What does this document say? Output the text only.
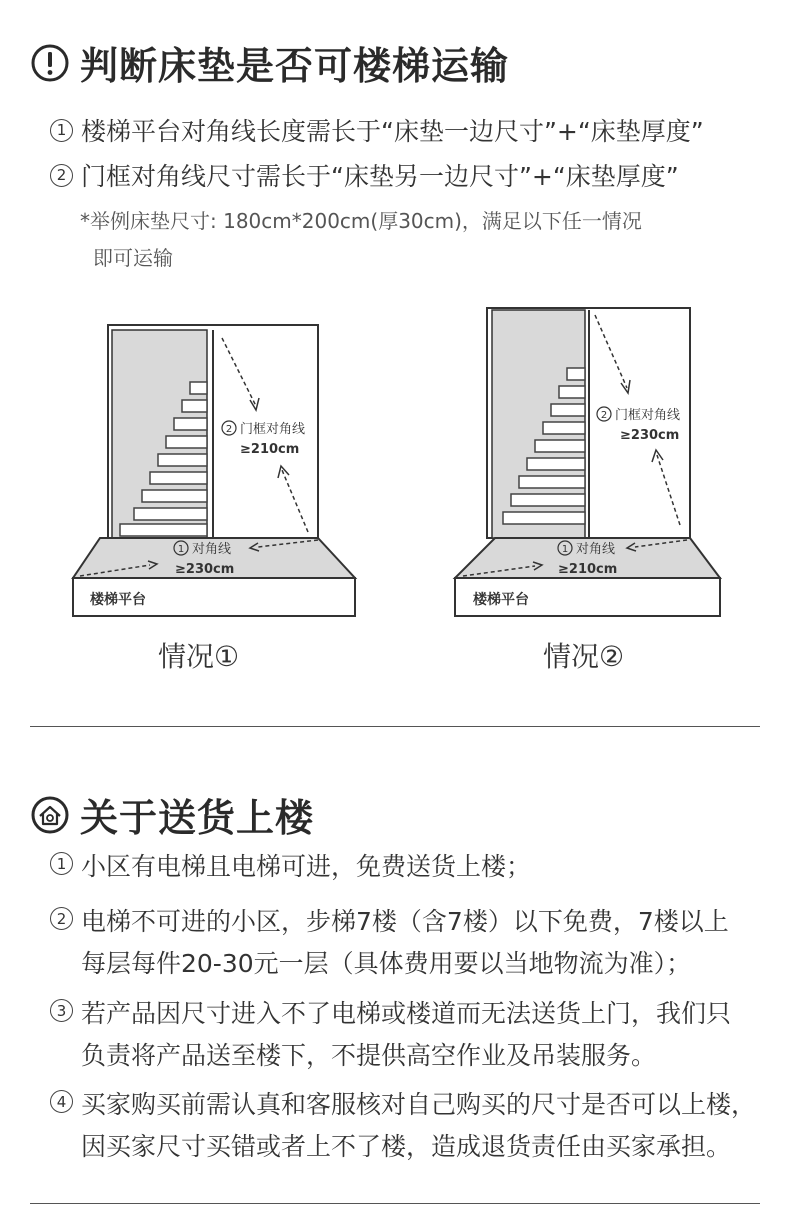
判断床垫是否可楼梯运输
1 楼梯平台对角线长度需长于“床垫一边尺寸”+“床垫厚度”
2 门框对角线尺寸需长于“床垫另一边尺寸”+“床垫厚度”
*举例床垫尺寸: 180cm*200cm(厚30cm)，满足以下任一情况
即可运输
楼梯平台
2 门框对角线
≥210cm
1 对角线
≥230cm
情况①
楼梯平台
2 门框对角线
≥230cm
1 对角线
≥210cm
情况②
关于送货上楼
1 小区有电梯且电梯可进，免费送货上楼；
2 电梯不可进的小区，步梯7楼（含7楼）以下免费，7楼以上
每层每件20-30元一层（具体费用要以当地物流为准）；
3 若产品因尺寸进入不了电梯或楼道而无法送货上门，我们只
负责将产品送至楼下，不提供高空作业及吊装服务。
4 买家购买前需认真和客服核对自己购买的尺寸是否可以上楼，
因买家尺寸买错或者上不了楼，造成退货责任由买家承担。
